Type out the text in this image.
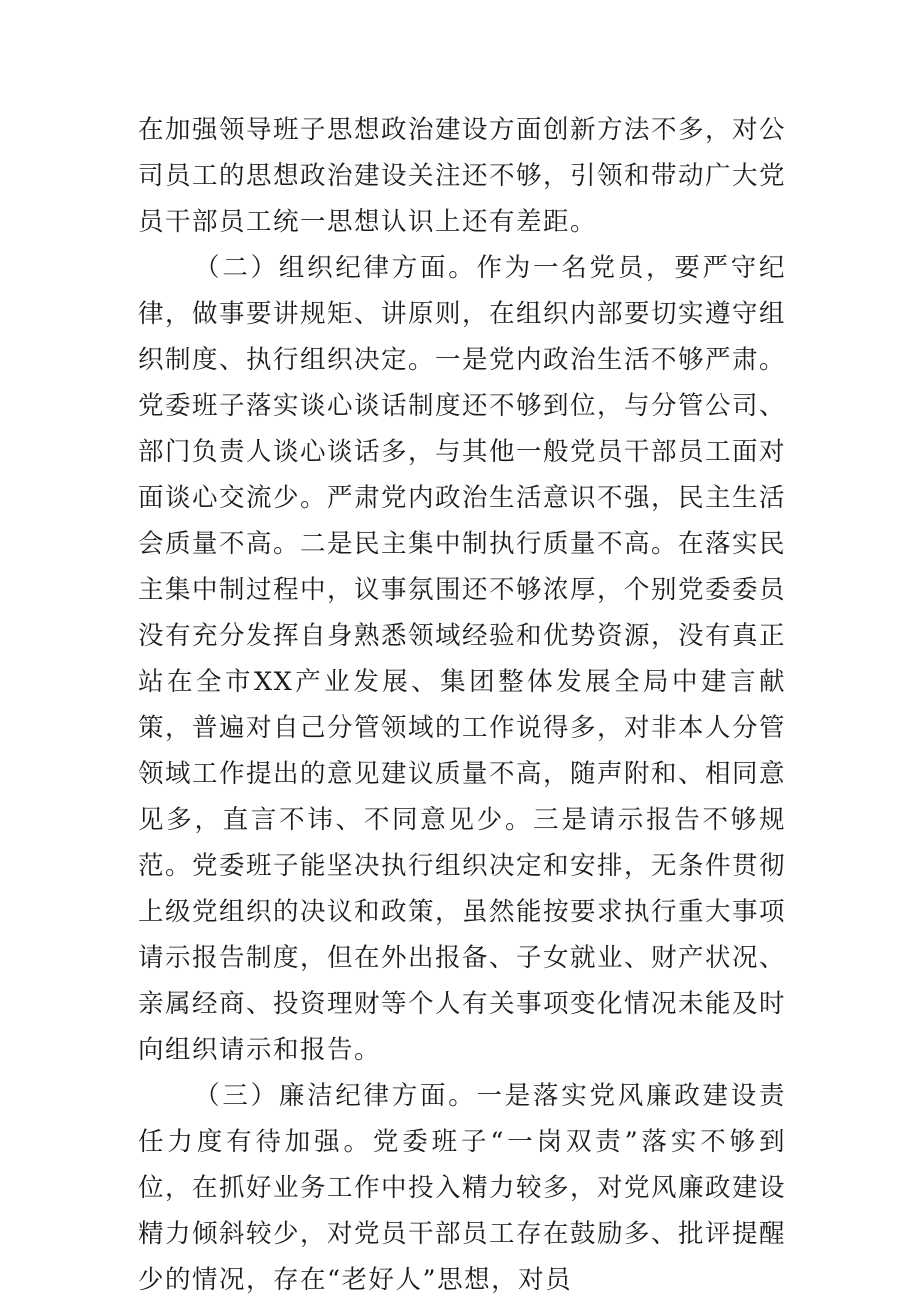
在加强领导班子思想政治建设方面创新方法不多，对公司员工的思想政治建设关注还不够，引领和带动广大党员干部员工统一思想认识上还有差距。

（二）组织纪律方面。作为一名党员，要严守纪律，做事要讲规矩、讲原则，在组织内部要切实遵守组织制度、执行组织决定。一是党内政治生活不够严肃。党委班子落实谈心谈话制度还不够到位，与分管公司、部门负责人谈心谈话多，与其他一般党员干部员工面对面谈心交流少。严肃党内政治生活意识不强，民主生活会质量不高。二是民主集中制执行质量不高。在落实民主集中制过程中，议事氛围还不够浓厚，个别党委委员没有充分发挥自身熟悉领域经验和优势资源，没有真正站在全市XX产业发展、集团整体发展全局中建言献策，普遍对自己分管领域的工作说得多，对非本人分管领域工作提出的意见建议质量不高，随声附和、相同意见多，直言不讳、不同意见少。三是请示报告不够规范。党委班子能坚决执行组织决定和安排，无条件贯彻上级党组织的决议和政策，虽然能按要求执行重大事项请示报告制度，但在外出报备、子女就业、财产状况、亲属经商、投资理财等个人有关事项变化情况未能及时向组织请示和报告。

（三）廉洁纪律方面。一是落实党风廉政建设责任力度有待加强。党委班子“一岗双责”落实不够到位，在抓好业务工作中投入精力较多，对党风廉政建设精力倾斜较少，对党员干部员工存在鼓励多、批评提醒少的情况，存在“老好人”思想，对员
